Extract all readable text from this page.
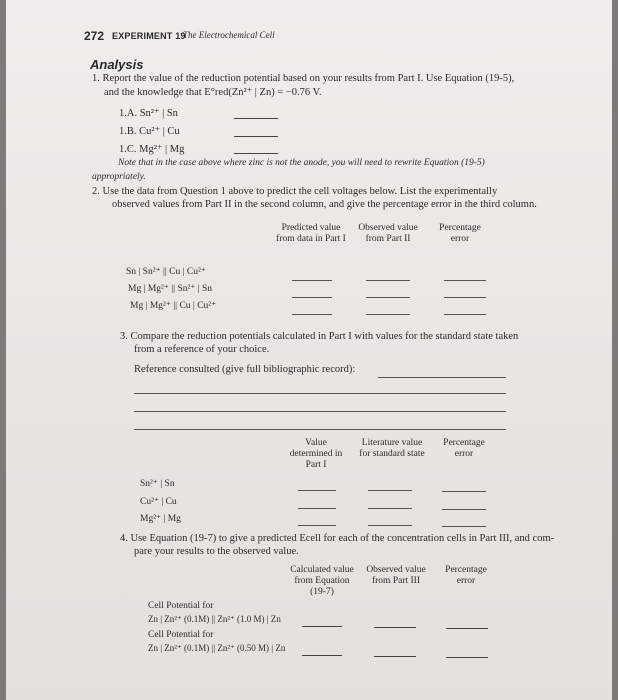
272 EXPERIMENT 19
The Electrochemical Cell
Analysis
1. Report the value of the reduction potential based on your results from Part I. Use Equation (19-5),
and the knowledge that E°red(Zn²⁺ | Zn) = −0.76 V.
1.A. Sn²⁺ | Sn
1.B. Cu²⁺ | Cu
1.C. Mg²⁺ | Mg
Note that in the case above where zinc is not the anode, you will need to rewrite Equation (19-5)
appropriately.
2. Use the data from Question 1 above to predict the cell voltages below. List the experimentally
observed values from Part II in the second column, and give the percentage error in the third column.
Predicted value from data in Part I
Observed value from Part II
Percentage error
Sn | Sn²⁺ || Cu | Cu²⁺
Mg | Mg²⁺ || Sn²⁺ | Sn
Mg | Mg²⁺ || Cu | Cu²⁺
3. Compare the reduction potentials calculated in Part I with values for the standard state taken
from a reference of your choice.
Reference consulted (give full bibliographic record):
Value determined in Part I
Literature value for standard state
Percentage error
Sn²⁺ | Sn
Cu²⁺ | Cu
Mg²⁺ | Mg
4. Use Equation (19-7) to give a predicted Ecell for each of the concentration cells in Part III, and com-
pare your results to the observed value.
Calculated value from Equation (19-7)
Observed value from Part III
Percentage error
Cell Potential for
Zn | Zn²⁺ (0.1M) || Zn²⁺ (1.0 M) | Zn
Cell Potential for
Zn | Zn²⁺ (0.1M) || Zn²⁺ (0.50 M) | Zn
